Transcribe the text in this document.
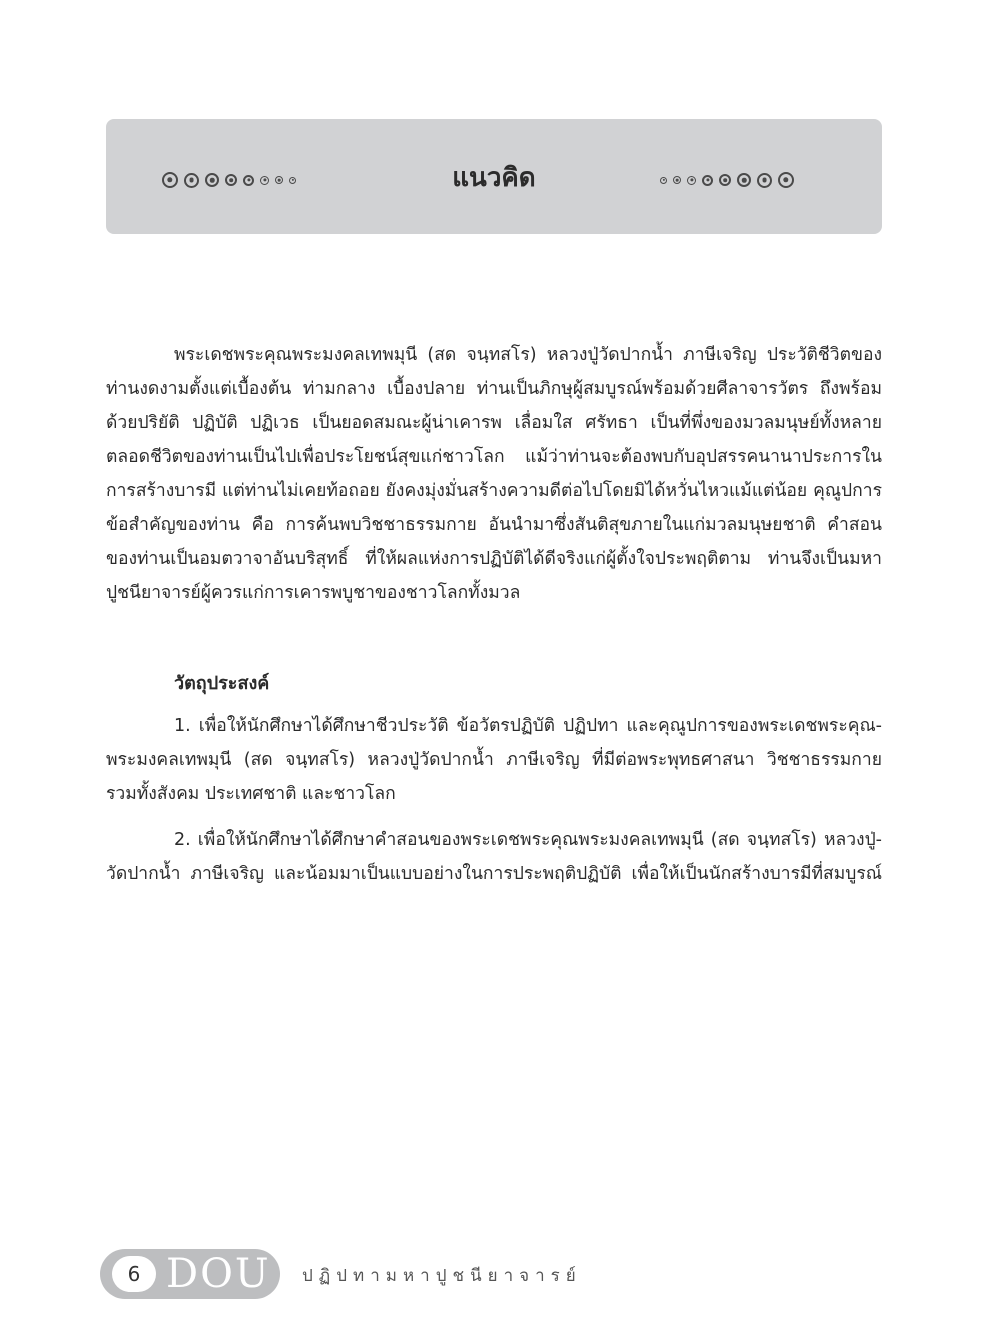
แนวคิด

พระเดชพระคุณพระมงคลเทพมุนี (สด จนฺทสโร) หลวงปู่วัดปากน้ำ ภาษีเจริญ ประวัติชีวิตของ
ท่านงดงามตั้งแต่เบื้องต้น ท่ามกลาง เบื้องปลาย ท่านเป็นภิกษุผู้สมบูรณ์พร้อมด้วยศีลาจารวัตร ถึงพร้อม
ด้วยปริยัติ ปฏิบัติ ปฏิเวธ เป็นยอดสมณะผู้น่าเคารพ เลื่อมใส ศรัทธา เป็นที่พึ่งของมวลมนุษย์ทั้งหลาย
ตลอดชีวิตของท่านเป็นไปเพื่อประโยชน์สุขแก่ชาวโลก แม้ว่าท่านจะต้องพบกับอุปสรรคนานาประการใน
การสร้างบารมี แต่ท่านไม่เคยท้อถอย ยังคงมุ่งมั่นสร้างความดีต่อไปโดยมิได้หวั่นไหวแม้แต่น้อย คุณูปการ
ข้อสำคัญของท่าน คือ การค้นพบวิชชาธรรมกาย อันนำมาซึ่งสันติสุขภายในแก่มวลมนุษยชาติ คำสอน
ของท่านเป็นอมตวาจาอันบริสุทธิ์ ที่ให้ผลแห่งการปฏิบัติได้ดีจริงแก่ผู้ตั้งใจประพฤติตาม ท่านจึงเป็นมหา
ปูชนียาจารย์ผู้ควรแก่การเคารพบูชาของชาวโลกทั้งมวล

วัตถุประสงค์

1. เพื่อให้นักศึกษาได้ศึกษาชีวประวัติ ข้อวัตรปฏิบัติ ปฏิปทา และคุณูปการของพระเดชพระคุณ-
พระมงคลเทพมุนี (สด จนฺทสโร) หลวงปู่วัดปากน้ำ ภาษีเจริญ ที่มีต่อพระพุทธศาสนา วิชชาธรรมกาย
รวมทั้งสังคม ประเทศชาติ และชาวโลก

2. เพื่อให้นักศึกษาได้ศึกษาคำสอนของพระเดชพระคุณพระมงคลเทพมุนี (สด จนฺทสโร) หลวงปู่-
วัดปากน้ำ ภาษีเจริญ และน้อมมาเป็นแบบอย่างในการประพฤติปฏิบัติ เพื่อให้เป็นนักสร้างบารมีที่สมบูรณ์

6 DOU ปฏิปทามหาปูชนียาจารย์
